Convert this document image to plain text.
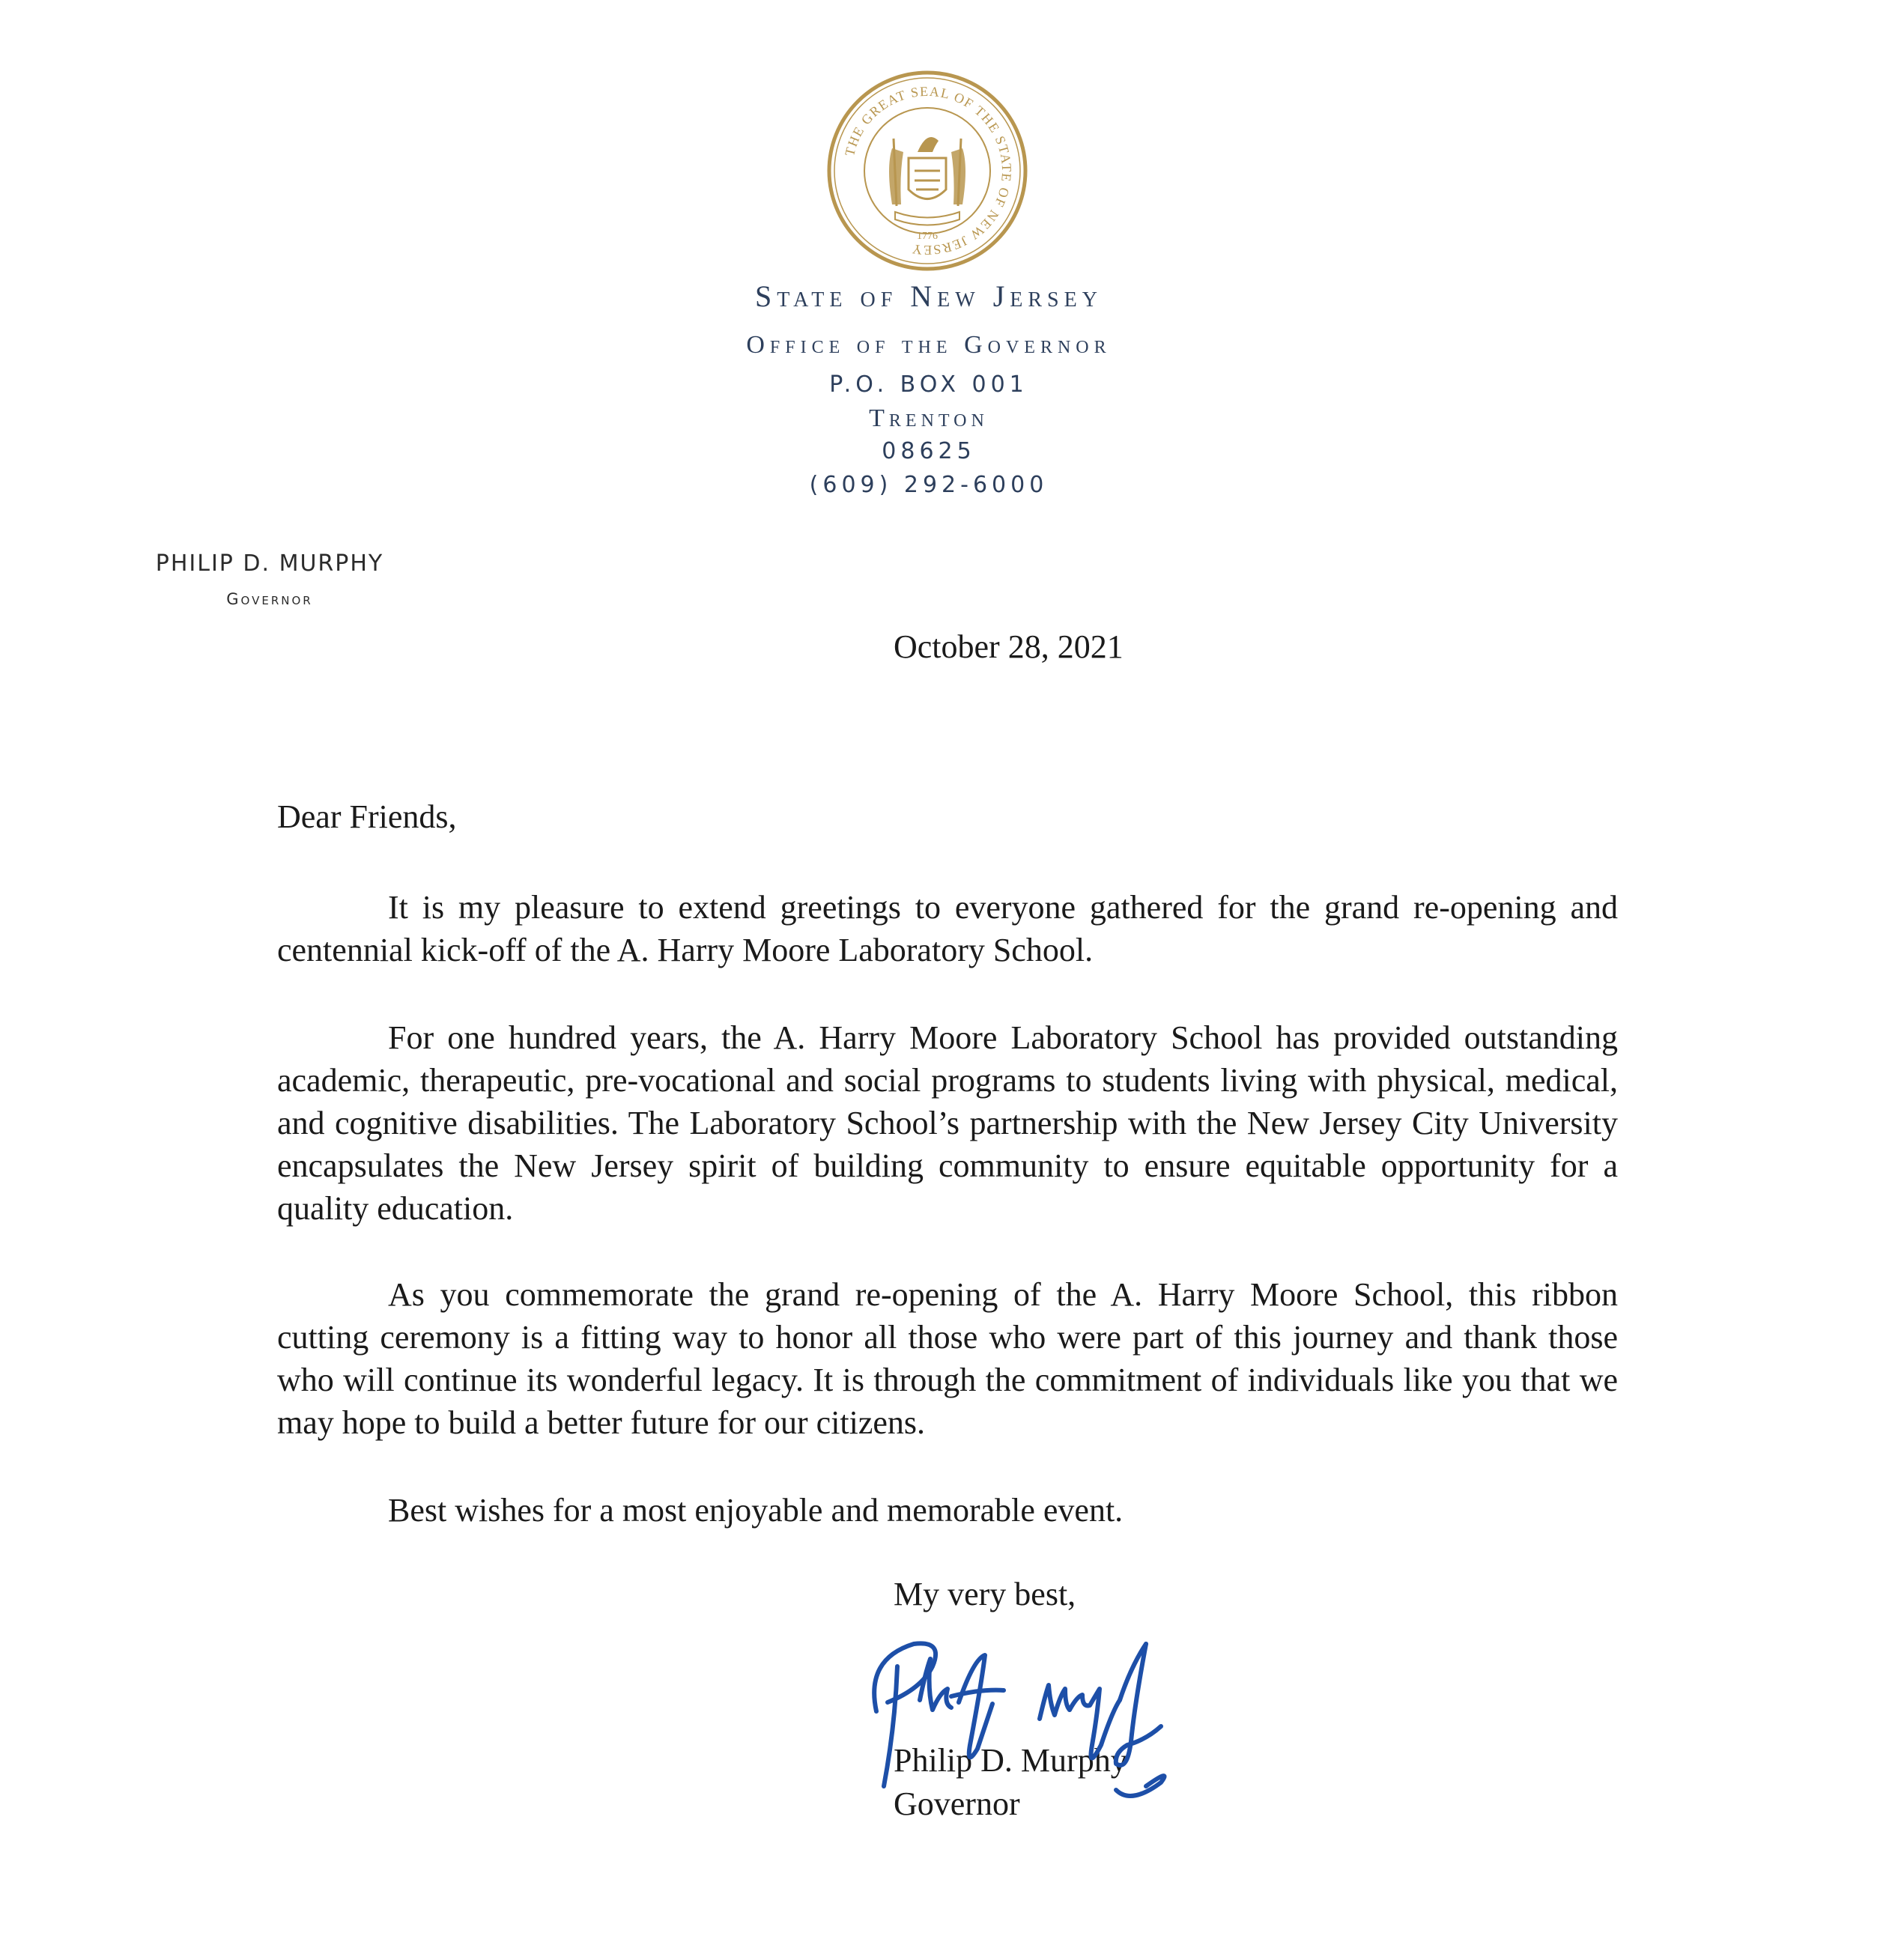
THE GREAT SEAL OF THE STATE OF NEW JERSEY
1776
State of New Jersey
Office of the Governor
P.O. BOX 001
Trenton
08625
(609) 292-6000
PHILIP D. MURPHY
Governor
October 28, 2021
Dear Friends,

It is my pleasure to extend greetings to everyone gathered for the grand re-opening and centennial kick-off of the A. Harry Moore Laboratory School.

For one hundred years, the A. Harry Moore Laboratory School has provided outstanding academic, therapeutic, pre-vocational and social programs to students living with physical, medical, and cognitive disabilities. The Laboratory School’s partnership with the New Jersey City University encapsulates the New Jersey spirit of building community to ensure equitable opportunity for a quality education.

As you commemorate the grand re-opening of the A. Harry Moore School, this ribbon cutting ceremony is a fitting way to honor all those who were part of this journey and thank those who will continue its wonderful legacy. It is through the commitment of individuals like you that we may hope to build a better future for our citizens.

Best wishes for a most enjoyable and memorable event.

My very best,
Philip D. Murphy
Governor
